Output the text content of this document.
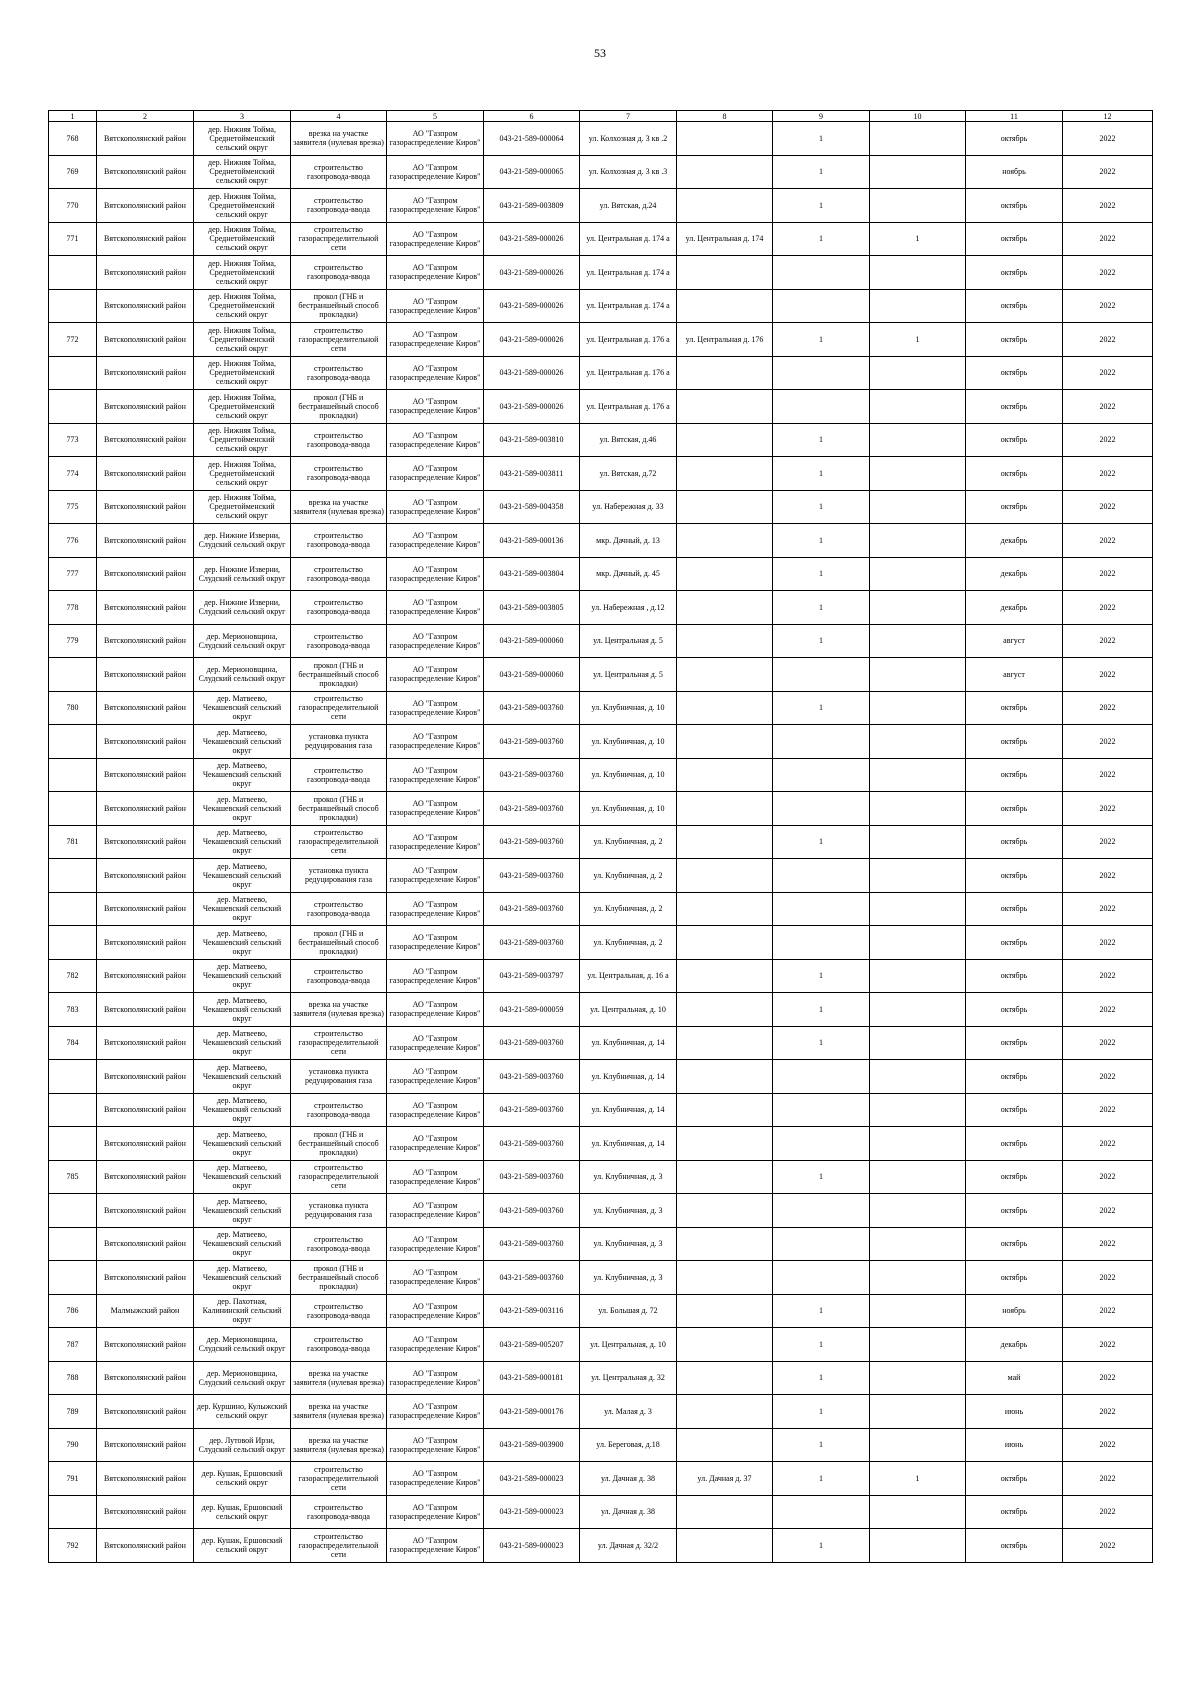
53
1	2	3	4	5	6	7	8	9	10	11	12

768	Вятскополянский район	дер. Нижняя Тойма, Среднетойменский сельский округ	врезка на участке заявителя (нулевая врезка)	АО "Газпром газораспределение Киров"	043-21-589-000064	ул. Колхозная д. 3 кв .2		1		октябрь	2022

769	Вятскополянский район	дер. Нижняя Тойма, Среднетойменский сельский округ	строительство газопровода-ввода	АО "Газпром газораспределение Киров"	043-21-589-000065	ул. Колхозная д. 3 кв .3		1		ноябрь	2022

770	Вятскополянский район	дер. Нижняя Тойма, Среднетойменский сельский округ	строительство газопровода-ввода	АО "Газпром газораспределение Киров"	043-21-589-003809	ул. Вятская, д.24		1		октябрь	2022

771	Вятскополянский район	дер. Нижняя Тойма, Среднетойменский сельский округ	строительство газораспределительной сети	АО "Газпром газораспределение Киров"	043-21-589-000026	ул. Центральная д. 174 а	ул. Центральная д. 174	1	1	октябрь	2022

	Вятскополянский район	дер. Нижняя Тойма, Среднетойменский сельский округ	строительство газопровода-ввода	АО "Газпром газораспределение Киров"	043-21-589-000026	ул. Центральная д. 174 а				октябрь	2022

	Вятскополянский район	дер. Нижняя Тойма, Среднетойменский сельский округ	прокол (ГНБ и бестраншейный способ прокладки)	АО "Газпром газораспределение Киров"	043-21-589-000026	ул. Центральная д. 174 а				октябрь	2022

772	Вятскополянский район	дер. Нижняя Тойма, Среднетойменский сельский округ	строительство газораспределительной сети	АО "Газпром газораспределение Киров"	043-21-589-000026	ул. Центральная д. 176 а	ул. Центральная д. 176	1	1	октябрь	2022

	Вятскополянский район	дер. Нижняя Тойма, Среднетойменский сельский округ	строительство газопровода-ввода	АО "Газпром газораспределение Киров"	043-21-589-000026	ул. Центральная д. 176 а				октябрь	2022

	Вятскополянский район	дер. Нижняя Тойма, Среднетойменский сельский округ	прокол (ГНБ и бестраншейный способ прокладки)	АО "Газпром газораспределение Киров"	043-21-589-000026	ул. Центральная д. 176 а				октябрь	2022

773	Вятскополянский район	дер. Нижняя Тойма, Среднетойменский сельский округ	строительство газопровода-ввода	АО "Газпром газораспределение Киров"	043-21-589-003810	ул. Вятская, д.46		1		октябрь	2022

774	Вятскополянский район	дер. Нижняя Тойма, Среднетойменский сельский округ	строительство газопровода-ввода	АО "Газпром газораспределение Киров"	043-21-589-003811	ул. Вятская, д.72		1		октябрь	2022

775	Вятскополянский район	дер. Нижняя Тойма, Среднетойменский сельский округ	врезка на участке заявителя (нулевая врезка)	АО "Газпром газораспределение Киров"	043-21-589-004358	ул. Набережная д. 33		1		октябрь	2022

776	Вятскополянский район	дер. Нижние Изверни, Слудский сельский округ	строительство газопровода-ввода	АО "Газпром газораспределение Киров"	043-21-589-000136	мкр. Дачный, д. 13		1		декабрь	2022

777	Вятскополянский район	дер. Нижние Изверни, Слудский сельский округ	строительство газопровода-ввода	АО "Газпром газораспределение Киров"	043-21-589-003804	мкр. Дачный, д. 45		1		декабрь	2022

778	Вятскополянский район	дер. Нижние Изверни, Слудский сельский округ	строительство газопровода-ввода	АО "Газпром газораспределение Киров"	043-21-589-003805	ул. Набережная , д.12		1		декабрь	2022

779	Вятскополянский район	дер. Мерионовщина, Слудский сельский округ	строительство газопровода-ввода	АО "Газпром газораспределение Киров"	043-21-589-000060	ул. Центральная д. 5		1		август	2022

	Вятскополянский район	дер. Мерионовщина, Слудский сельский округ	прокол (ГНБ и бестраншейный способ прокладки)	АО "Газпром газораспределение Киров"	043-21-589-000060	ул. Центральная д. 5				август	2022

780	Вятскополянский район	дер. Матвеево, Чекашевский сельский округ	строительство газораспределительной сети	АО "Газпром газораспределение Киров"	043-21-589-003760	ул. Клубничная, д. 10		1		октябрь	2022

	Вятскополянский район	дер. Матвеево, Чекашевский сельский округ	установка пункта редуцирования газа	АО "Газпром газораспределение Киров"	043-21-589-003760	ул. Клубничная, д. 10				октябрь	2022

	Вятскополянский район	дер. Матвеево, Чекашевский сельский округ	строительство газопровода-ввода	АО "Газпром газораспределение Киров"	043-21-589-003760	ул. Клубничная, д. 10				октябрь	2022

	Вятскополянский район	дер. Матвеево, Чекашевский сельский округ	прокол (ГНБ и бестраншейный способ прокладки)	АО "Газпром газораспределение Киров"	043-21-589-003760	ул. Клубничная, д. 10				октябрь	2022

781	Вятскополянский район	дер. Матвеево, Чекашевский сельский округ	строительство газораспределительной сети	АО "Газпром газораспределение Киров"	043-21-589-003760	ул. Клубничная, д. 2		1		октябрь	2022

	Вятскополянский район	дер. Матвеево, Чекашевский сельский округ	установка пункта редуцирования газа	АО "Газпром газораспределение Киров"	043-21-589-003760	ул. Клубничная, д. 2				октябрь	2022

	Вятскополянский район	дер. Матвеево, Чекашевский сельский округ	строительство газопровода-ввода	АО "Газпром газораспределение Киров"	043-21-589-003760	ул. Клубничная, д. 2				октябрь	2022

	Вятскополянский район	дер. Матвеево, Чекашевский сельский округ	прокол (ГНБ и бестраншейный способ прокладки)	АО "Газпром газораспределение Киров"	043-21-589-003760	ул. Клубничная, д. 2				октябрь	2022

782	Вятскополянский район	дер. Матвеево, Чекашевский сельский округ	строительство газопровода-ввода	АО "Газпром газораспределение Киров"	043-21-589-003797	ул. Центральная, д. 16 а		1		октябрь	2022

783	Вятскополянский район	дер. Матвеево, Чекашевский сельский округ	врезка на участке заявителя (нулевая врезка)	АО "Газпром газораспределение Киров"	043-21-589-000059	ул. Центральная, д. 10		1		октябрь	2022

784	Вятскополянский район	дер. Матвеево, Чекашевский сельский округ	строительство газораспределительной сети	АО "Газпром газораспределение Киров"	043-21-589-003760	ул. Клубничная, д. 14		1		октябрь	2022

	Вятскополянский район	дер. Матвеево, Чекашевский сельский округ	установка пункта редуцирования газа	АО "Газпром газораспределение Киров"	043-21-589-003760	ул. Клубничная, д. 14				октябрь	2022

	Вятскополянский район	дер. Матвеево, Чекашевский сельский округ	строительство газопровода-ввода	АО "Газпром газораспределение Киров"	043-21-589-003760	ул. Клубничная, д. 14				октябрь	2022

	Вятскополянский район	дер. Матвеево, Чекашевский сельский округ	прокол (ГНБ и бестраншейный способ прокладки)	АО "Газпром газораспределение Киров"	043-21-589-003760	ул. Клубничная, д. 14				октябрь	2022

785	Вятскополянский район	дер. Матвеево, Чекашевский сельский округ	строительство газораспределительной сети	АО "Газпром газораспределение Киров"	043-21-589-003760	ул. Клубничная, д. 3		1		октябрь	2022

	Вятскополянский район	дер. Матвеево, Чекашевский сельский округ	установка пункта редуцирования газа	АО "Газпром газораспределение Киров"	043-21-589-003760	ул. Клубничная, д. 3				октябрь	2022

	Вятскополянский район	дер. Матвеево, Чекашевский сельский округ	строительство газопровода-ввода	АО "Газпром газораспределение Киров"	043-21-589-003760	ул. Клубничная, д. 3				октябрь	2022

	Вятскополянский район	дер. Матвеево, Чекашевский сельский округ	прокол (ГНБ и бестраншейный способ прокладки)	АО "Газпром газораспределение Киров"	043-21-589-003760	ул. Клубничная, д. 3				октябрь	2022

786	Малмыжский район	дер. Пахотная, Калининский сельский округ	строительство газопровода-ввода	АО "Газпром газораспределение Киров"	043-21-589-003116	ул. Большая д. 72		1		ноябрь	2022

787	Вятскополянский район	дер. Мерионовщина, Слудский сельский округ	строительство газопровода-ввода	АО "Газпром газораспределение Киров"	043-21-589-005207	ул. Центральная, д. 10		1		декабрь	2022

788	Вятскополянский район	дер. Мерионовщина, Слудский сельский округ	врезка на участке заявителя (нулевая врезка)	АО "Газпром газораспределение Киров"	043-21-589-000181	ул. Центральная д. 32		1		май	2022

789	Вятскополянский район	дер. Куршино, Кулыжский сельский округ	врезка на участке заявителя (нулевая врезка)	АО "Газпром газораспределение Киров"	043-21-589-000176	ул. Малая д. 3		1		июнь	2022

790	Вятскополянский район	дер. Лутовой Ирзи, Слудский сельский округ	врезка на участке заявителя (нулевая врезка)	АО "Газпром газораспределение Киров"	043-21-589-003900	ул. Береговая, д.18		1		июнь	2022

791	Вятскополянский район	дер. Кушак, Ершовский сельский округ	строительство газораспределительной сети	АО "Газпром газораспределение Киров"	043-21-589-000023	ул. Дачная д. 38	ул. Дачная д. 37	1	1	октябрь	2022

	Вятскополянский район	дер. Кушак, Ершовский сельский округ	строительство газопровода-ввода	АО "Газпром газораспределение Киров"	043-21-589-000023	ул. Дачная д. 38				октябрь	2022

792	Вятскополянский район	дер. Кушак, Ершовский сельский округ	строительство газораспределительной сети	АО "Газпром газораспределение Киров"	043-21-589-000023	ул. Дачная д. 32/2		1		октябрь	2022
